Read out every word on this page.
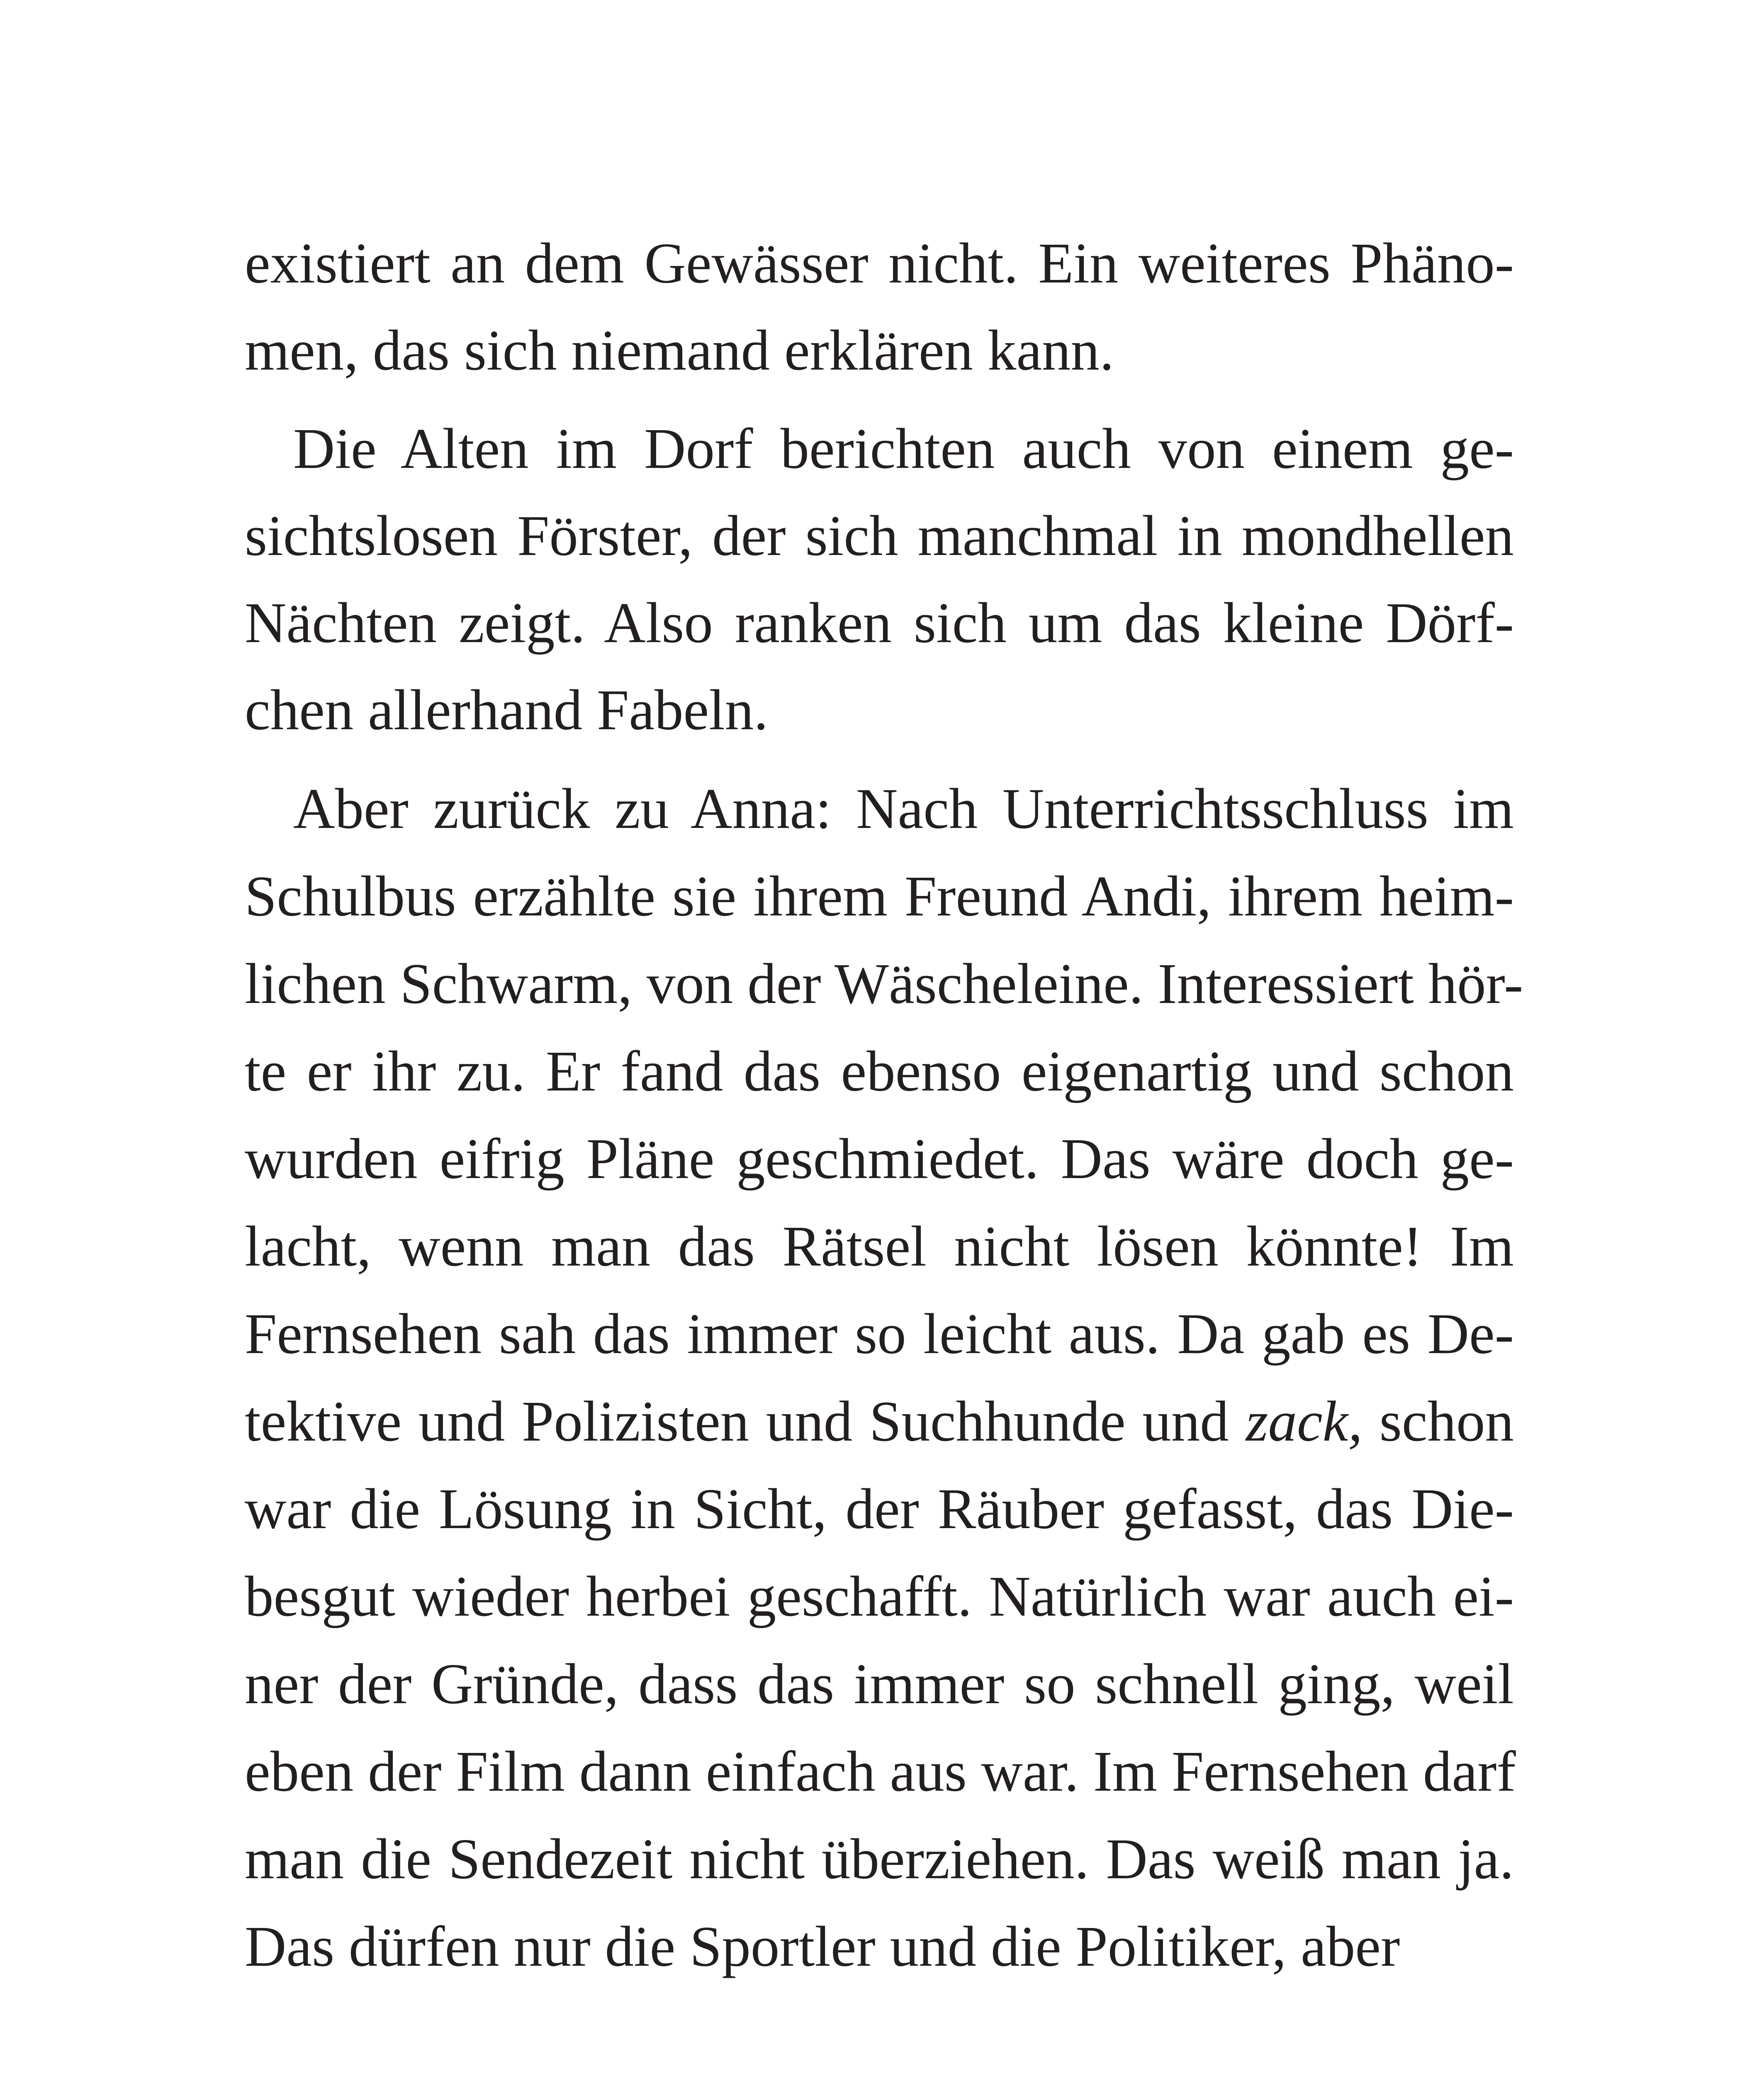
existiert an dem Gewässer nicht. Ein weiteres Phäno-
men, das sich niemand erklären kann.
Die Alten im Dorf berichten auch von einem ge-
sichtslosen Förster, der sich manchmal in mondhellen
Nächten zeigt. Also ranken sich um das kleine Dörf-
chen allerhand Fabeln.
Aber zurück zu Anna: Nach Unterrichtsschluss im
Schulbus erzählte sie ihrem Freund Andi, ihrem heim-
lichen Schwarm, von der Wäscheleine. Interessiert hör-
te er ihr zu. Er fand das ebenso eigenartig und schon
wurden eifrig Pläne geschmiedet. Das wäre doch ge-
lacht, wenn man das Rätsel nicht lösen könnte! Im
Fernsehen sah das immer so leicht aus. Da gab es De-
tektive und Polizisten und Suchhunde und zack, schon
war die Lösung in Sicht, der Räuber gefasst, das Die-
besgut wieder herbei geschafft. Natürlich war auch ei-
ner der Gründe, dass das immer so schnell ging, weil
eben der Film dann einfach aus war. Im Fernsehen darf
man die Sendezeit nicht überziehen. Das weiß man ja.
Das dürfen nur die Sportler und die Politiker, aber
